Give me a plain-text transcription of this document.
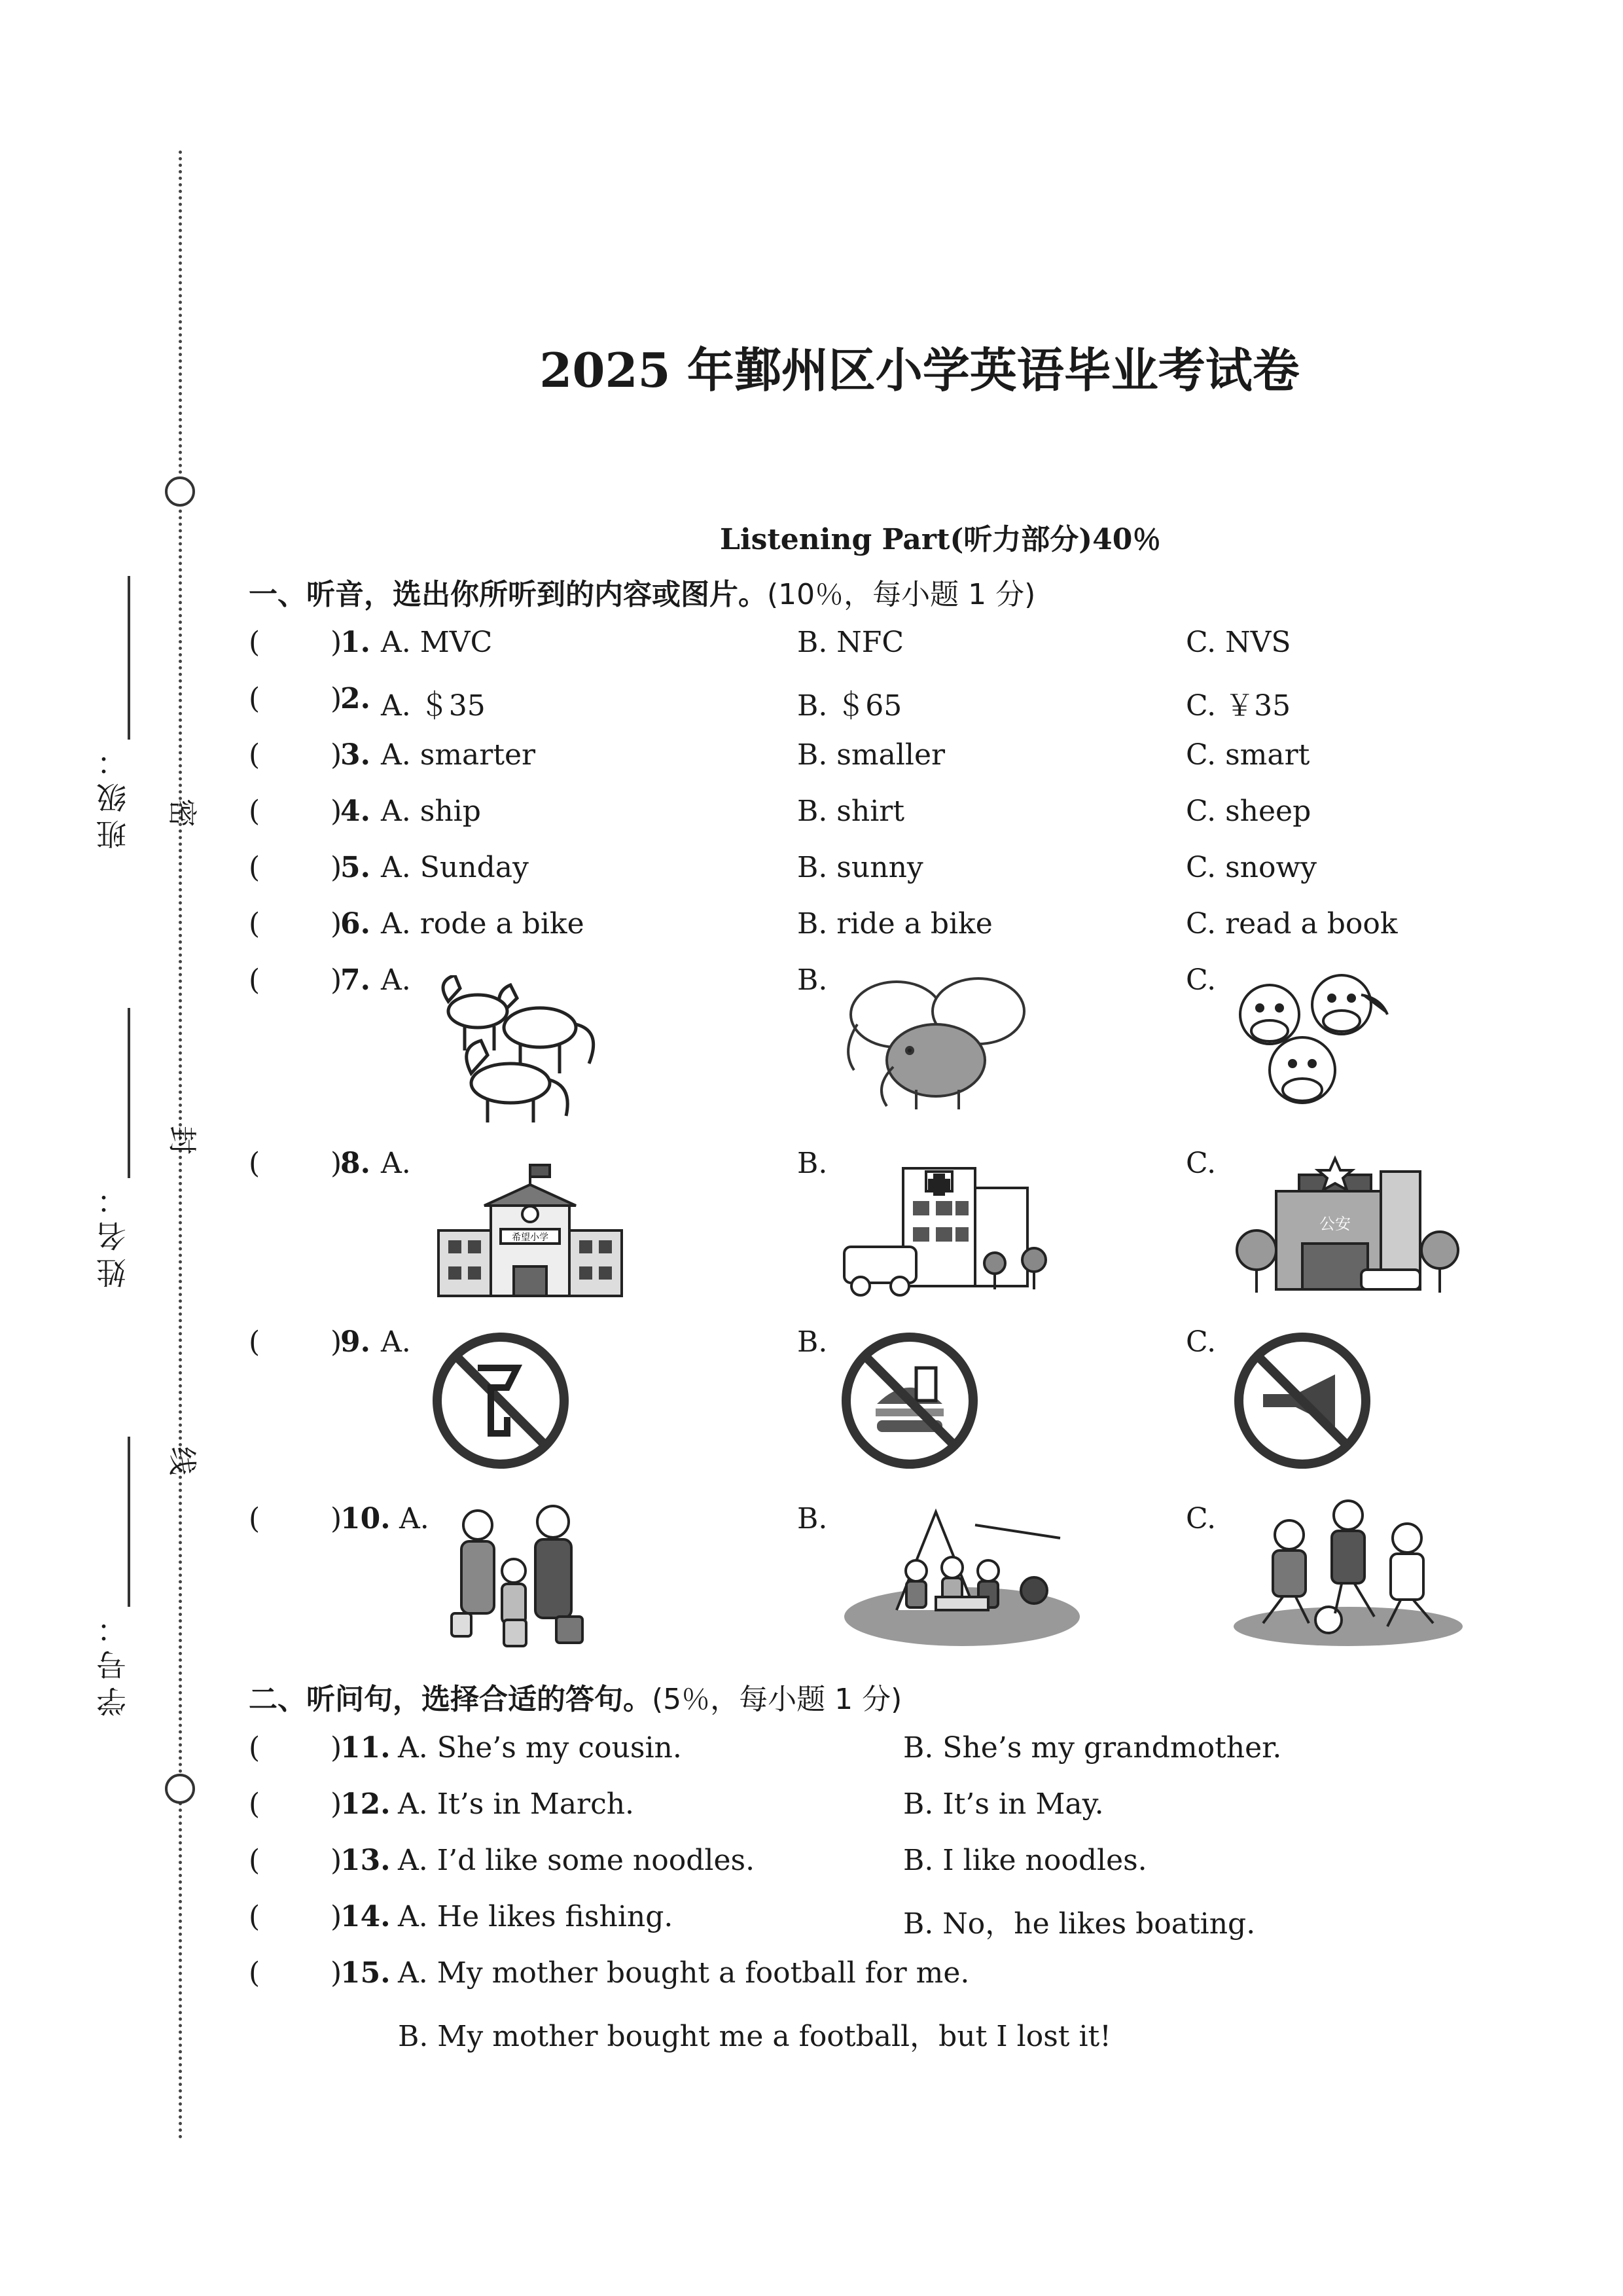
班级：
姓名：
学号：
密
封
线
2025 年鄞州区小学英语毕业考试卷
Listening Part(听力部分)40％
一、听音，选出你所听到的内容或图片。(10％，每小题 1 分)
( )
1. A. MVC	B. NFC	C. NVS
( )
2. A. ＄35	B. ＄65	C. ￥35
( )
3. A. smarter	B. smaller	C. smart
( )
4. A. ship	B. shirt	C. sheep
( )
5. A. Sunday	B. sunny	C. snowy
( )
6. A. rode a bike	B. ride a bike	C. read a book
( )
7. A.	B.	C.
( )
8. A.	B.	C.
希望小学
公安
( )
9. A.	B.	C.
( )
10. A.	B.	C.
二、听问句，选择合适的答句。(5％，每小题 1 分)
( )
11. A. She’s my cousin.	B. She’s my grandmother.
( )
12. A. It’s in March.	B. It’s in May.
( )
13. A. I’d like some noodles.	B. I like noodles.
( )
14. A. He likes fishing.	B. No，he likes boating.
( )
15. A. My mother bought a football for me.
B. My mother bought me a football，but I lost it!
